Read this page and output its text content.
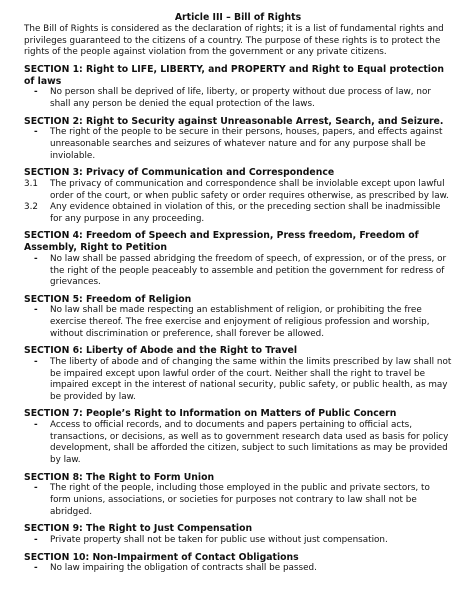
Article III – Bill of Rights

The Bill of Rights is considered as the declaration of rights; it is a list of fundamental rights and privileges guaranteed to the citizens of a country. The purpose of these rights is to protect the rights of the people against violation from the government or any private citizens.

SECTION 1: Right to LIFE, LIBERTY, and PROPERTY and Right to Equal protection of laws

-	No person shall be deprived of life, liberty, or property without due process of law, nor shall any person be denied the equal protection of the laws.

SECTION 2: Right to Security against Unreasonable Arrest, Search, and Seizure.

-	The right of the people to be secure in their persons, houses, papers, and effects against unreasonable searches and seizures of whatever nature and for any purpose shall be inviolable.

SECTION 3: Privacy of Communication and Correspondence

3.1	The privacy of communication and correspondence shall be inviolable except upon lawful order of the court, or when public safety or order requires otherwise, as prescribed by law.
3.2	Any evidence obtained in violation of this, or the preceding section shall be inadmissible for any purpose in any proceeding.

SECTION 4: Freedom of Speech and Expression, Press freedom, Freedom of Assembly, Right to Petition

-	No law shall be passed abridging the freedom of speech, of expression, or of the press, or the right of the people peaceably to assemble and petition the government for redress of grievances.

SECTION 5: Freedom of Religion

-	No law shall be made respecting an establishment of religion, or prohibiting the free exercise thereof. The free exercise and enjoyment of religious profession and worship, without discrimination or preference, shall forever be allowed.

SECTION 6: Liberty of Abode and the Right to Travel

-	The liberty of abode and of changing the same within the limits prescribed by law shall not be impaired except upon lawful order of the court. Neither shall the right to travel be impaired except in the interest of national security, public safety, or public health, as may be provided by law.

SECTION 7: People’s Right to Information on Matters of Public Concern

-	Access to official records, and to documents and papers pertaining to official acts, transactions, or decisions, as well as to government research data used as basis for policy development, shall be afforded the citizen, subject to such limitations as may be provided by law.

SECTION 8: The Right to Form Union

-	The right of the people, including those employed in the public and private sectors, to form unions, associations, or societies for purposes not contrary to law shall not be abridged.

SECTION 9: The Right to Just Compensation

-	Private property shall not be taken for public use without just compensation.

SECTION 10: Non-Impairment of Contact Obligations

-	No law impairing the obligation of contracts shall be passed.
